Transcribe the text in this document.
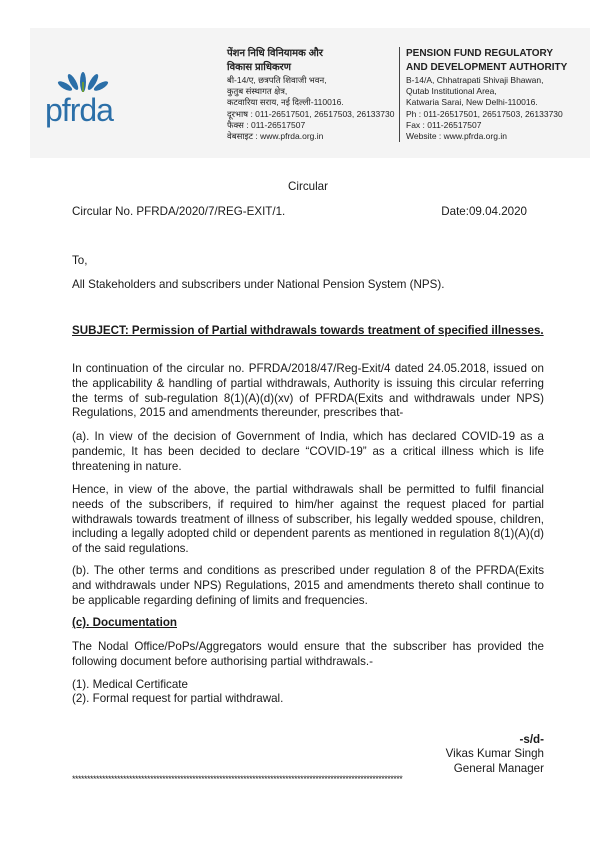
pfrda
पेंशन निधि विनियामक और
विकास प्राधिकरण
बी-14/ए, छत्रपति शिवाजी भवन,
कुतुब संस्थागत क्षेत्र,
कटवारिया सराय, नई दिल्ली-110016.
दूरभाष : 011-26517501, 26517503, 26133730
फैक्स : 011-26517507
वेबसाइट : www.pfrda.org.in
PENSION FUND REGULATORY
AND DEVELOPMENT AUTHORITY
B-14/A, Chhatrapati Shivaji Bhawan,
Qutab Institutional Area,
Katwaria Sarai, New Delhi-110016.
Ph : 011-26517501, 26517503, 26133730
Fax : 011-26517507
Website : www.pfrda.org.in
Circular
Circular No. PFRDA/2020/7/REG-EXIT/1.	Date:09.04.2020
To,
All Stakeholders and subscribers under National Pension System (NPS).
SUBJECT: Permission of Partial withdrawals towards treatment of specified illnesses.
In continuation of the circular no. PFRDA/2018/47/Reg-Exit/4 dated 24.05.2018, issued on the applicability & handling of partial withdrawals, Authority is issuing this circular referring the terms of sub-regulation 8(1)(A)(d)(xv) of PFRDA(Exits and withdrawals under NPS) Regulations, 2015 and amendments thereunder, prescribes that-
(a). In view of the decision of Government of India, which has declared COVID-19 as a pandemic, It has been decided to declare “COVID-19” as a critical illness which is life threatening in nature.
Hence, in view of the above, the partial withdrawals shall be permitted to fulfil financial needs of the subscribers, if required to him/her against the request placed for partial withdrawals towards treatment of illness of subscriber, his legally wedded spouse, children, including a legally adopted child or dependent parents as mentioned in regulation 8(1)(A)(d) of the said regulations.
(b). The other terms and conditions as prescribed under regulation 8 of the PFRDA(Exits and withdrawals under NPS) Regulations, 2015 and amendments thereto shall continue to be applicable regarding defining of limits and frequencies.
(c). Documentation
The Nodal Office/PoPs/Aggregators would ensure that the subscriber has provided the following document before authorising partial withdrawals.-
(1). Medical Certificate
(2). Formal request for partial withdrawal.
-s/d-
Vikas Kumar Singh
General Manager
**************************************************************************************************************
